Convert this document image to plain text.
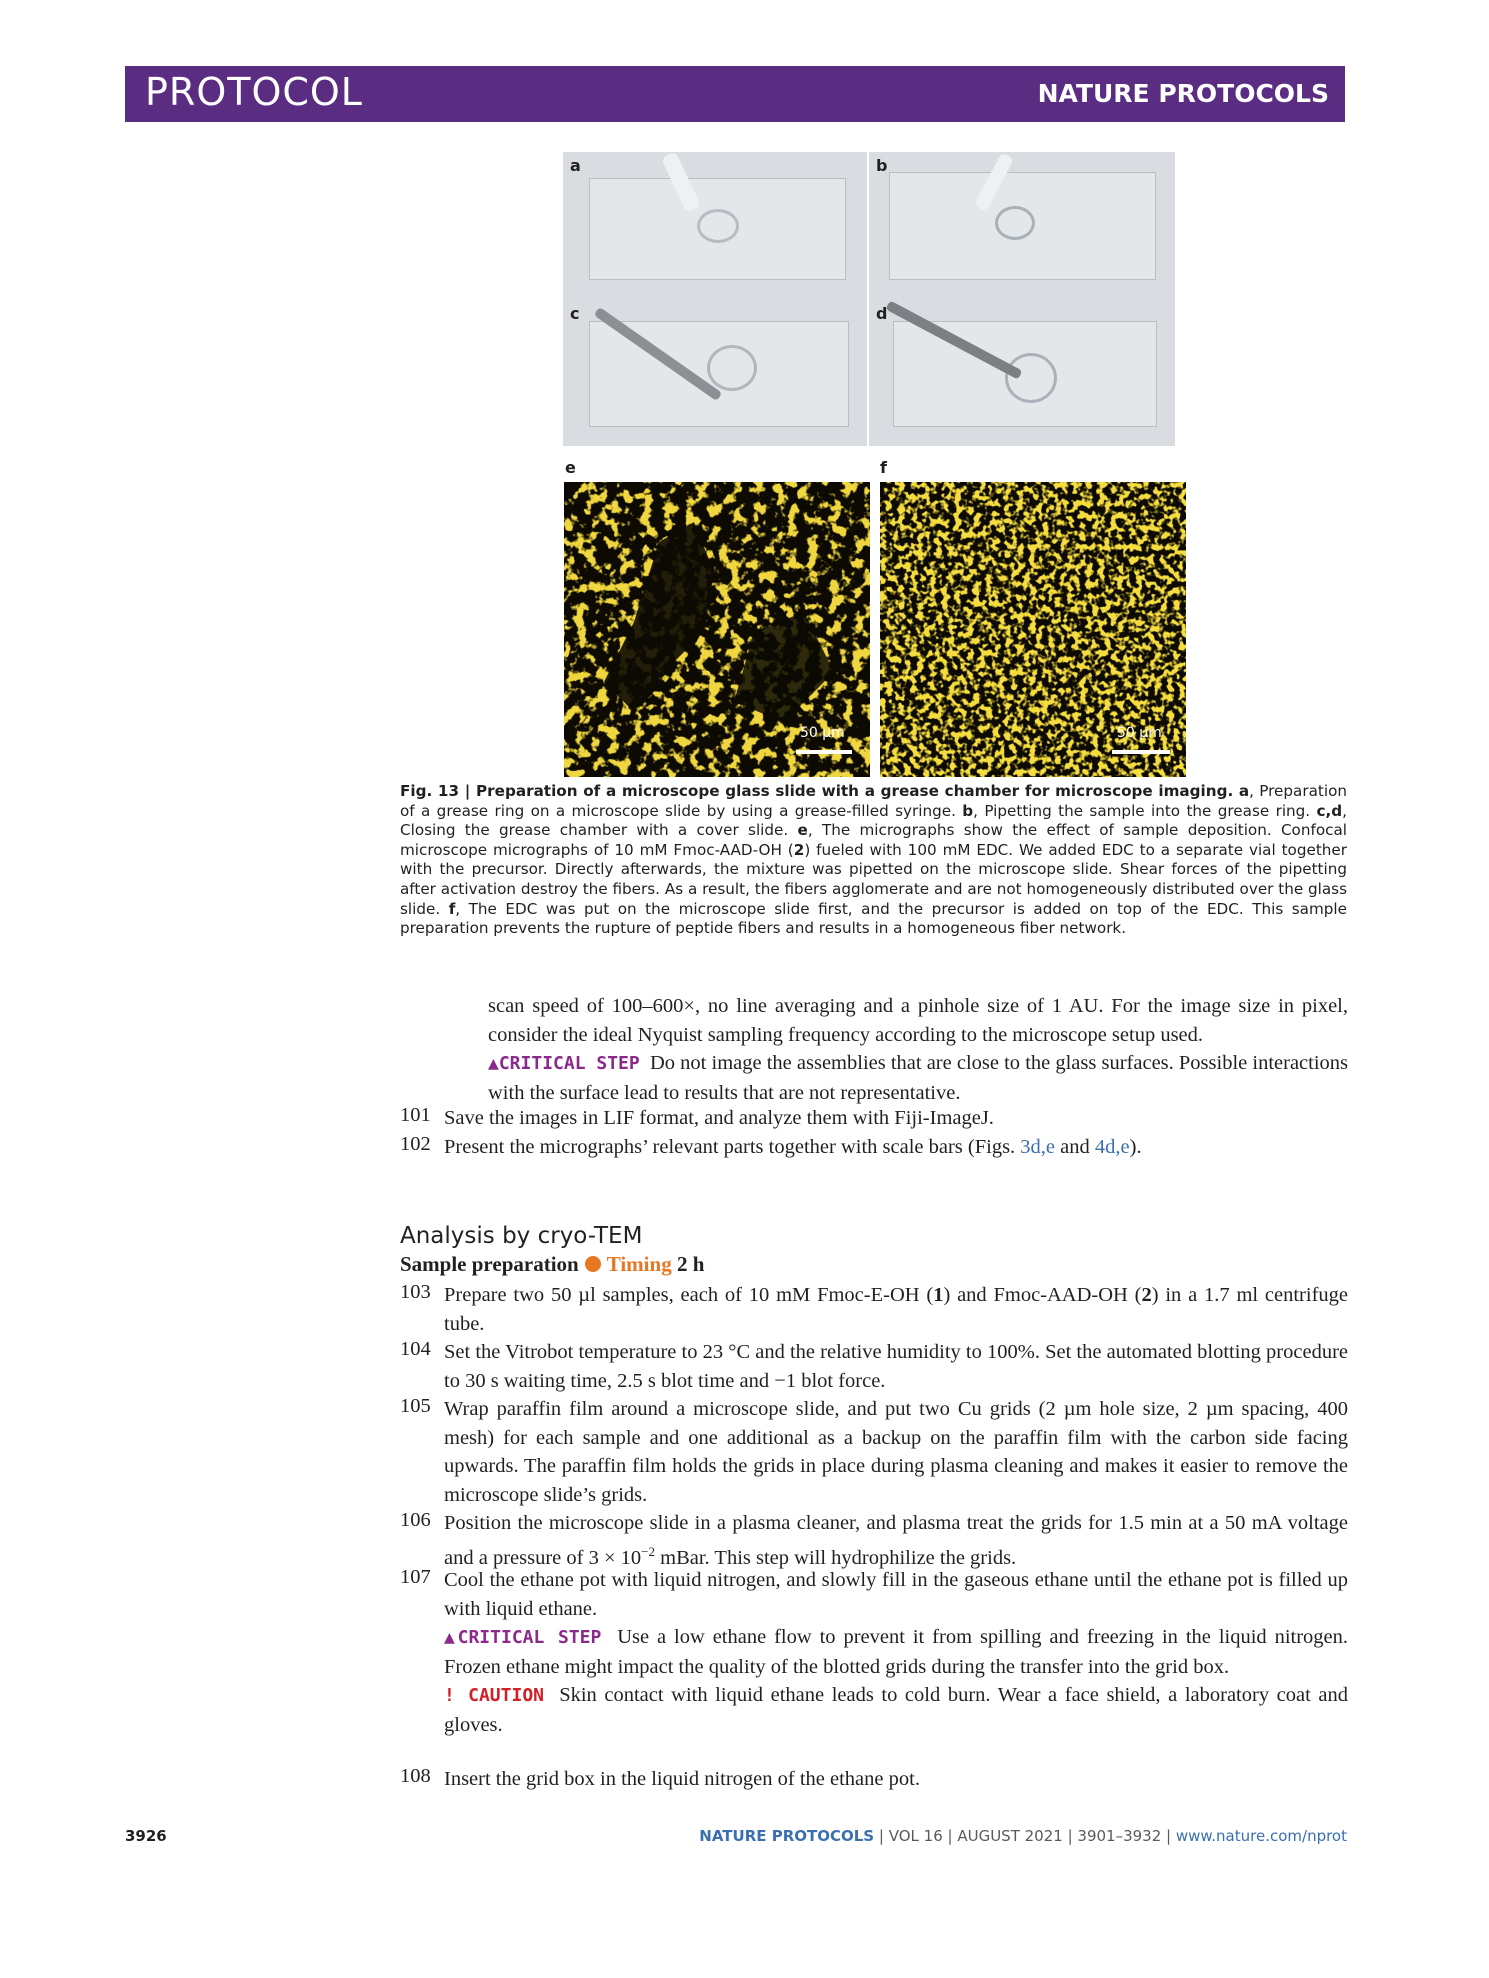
PROTOCOL	NATURE PROTOCOLS
a	b
c	d
e	f
50 μm	50 μm
Fig. 13 | Preparation of a microscope glass slide with a grease chamber for microscope imaging. a, Preparation of a grease ring on a microscope slide by using a grease-filled syringe. b, Pipetting the sample into the grease ring. c,d, Closing the grease chamber with a cover slide. e, The micrographs show the effect of sample deposition. Confocal microscope micrographs of 10 mM Fmoc-AAD-OH (2) fueled with 100 mM EDC. We added EDC to a separate vial together with the precursor. Directly afterwards, the mixture was pipetted on the microscope slide. Shear forces of the pipetting after activation destroy the fibers. As a result, the fibers agglomerate and are not homogeneously distributed over the glass slide. f, The EDC was put on the microscope slide first, and the precursor is added on top of the EDC. This sample preparation prevents the rupture of peptide fibers and results in a homogeneous fiber network.
scan speed of 100–600×, no line averaging and a pinhole size of 1 AU. For the image size in pixel, consider the ideal Nyquist sampling frequency according to the microscope setup used.
▲CRITICAL STEP Do not image the assemblies that are close to the glass surfaces. Possible interactions with the surface lead to results that are not representative.
101 Save the images in LIF format, and analyze them with Fiji-ImageJ.
102 Present the micrographs’ relevant parts together with scale bars (Figs. 3d,e and 4d,e).
Analysis by cryo-TEM
Sample preparation Timing 2 h
103 Prepare two 50 µl samples, each of 10 mM Fmoc-E-OH (1) and Fmoc-AAD-OH (2) in a 1.7 ml centrifuge tube.
104 Set the Vitrobot temperature to 23 °C and the relative humidity to 100%. Set the automated blotting procedure to 30 s waiting time, 2.5 s blot time and −1 blot force.
105 Wrap paraffin film around a microscope slide, and put two Cu grids (2 µm hole size, 2 µm spacing, 400 mesh) for each sample and one additional as a backup on the paraffin film with the carbon side facing upwards. The paraffin film holds the grids in place during plasma cleaning and makes it easier to remove the microscope slide’s grids.
106 Position the microscope slide in a plasma cleaner, and plasma treat the grids for 1.5 min at a 50 mA voltage and a pressure of $3 \times 10^{-2}$ mBar. This step will hydrophilize the grids.
107 Cool the ethane pot with liquid nitrogen, and slowly fill in the gaseous ethane until the ethane pot is filled up with liquid ethane.
▲CRITICAL STEP Use a low ethane flow to prevent it from spilling and freezing in the liquid nitrogen. Frozen ethane might impact the quality of the blotted grids during the transfer into the grid box.
! CAUTION Skin contact with liquid ethane leads to cold burn. Wear a face shield, a laboratory coat and gloves.
108 Insert the grid box in the liquid nitrogen of the ethane pot.
3926	NATURE PROTOCOLS | VOL 16 | AUGUST 2021 | 3901–3932 | www.nature.com/nprot
